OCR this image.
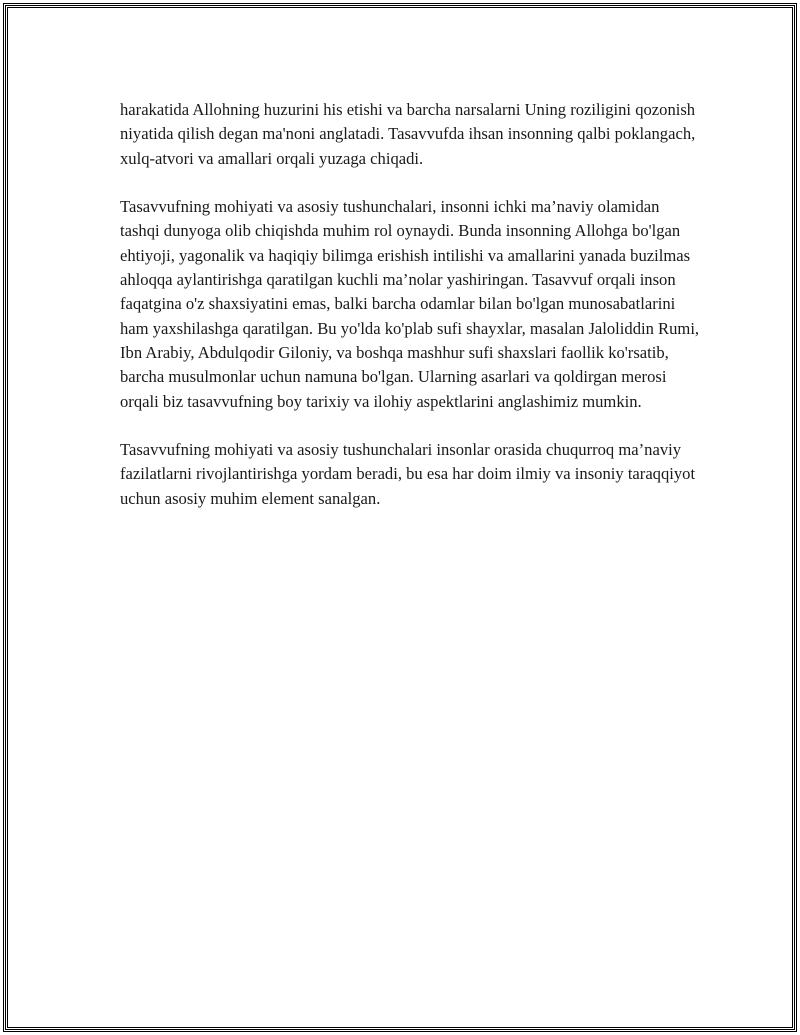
harakatida Allohning huzurini his etishi va barcha narsalarni Uning roziligini qozonish niyatida qilish degan ma'noni anglatadi. Tasavvufda ihsan insonning qalbi poklangach, xulq-atvori va amallari orqali yuzaga chiqadi.

Tasavvufning mohiyati va asosiy tushunchalari, insonni ichki ma’naviy olamidan tashqi dunyoga olib chiqishda muhim rol oynaydi. Bunda insonning Allohga bo'lgan ehtiyoji, yagonalik va haqiqiy bilimga erishish intilishi va amallarini yanada buzilmas ahloqqa aylantirishga qaratilgan kuchli ma’nolar yashiringan. Tasavvuf orqali inson faqatgina o'z shaxsiyatini emas, balki barcha odamlar bilan bo'lgan munosabatlarini ham yaxshilashga qaratilgan. Bu yo'lda ko'plab sufi shayxlar, masalan Jaloliddin Rumi, Ibn Arabiy, Abdulqodir Giloniy, va boshqa mashhur sufi shaxslari faollik ko'rsatib, barcha musulmonlar uchun namuna bo'lgan. Ularning asarlari va qoldirgan merosi orqali biz tasavvufning boy tarixiy va ilohiy aspektlarini anglashimiz mumkin.

Tasavvufning mohiyati va asosiy tushunchalari insonlar orasida chuqurroq ma’naviy fazilatlarni rivojlantirishga yordam beradi, bu esa har doim ilmiy va insoniy taraqqiyot uchun asosiy muhim element sanalgan.
